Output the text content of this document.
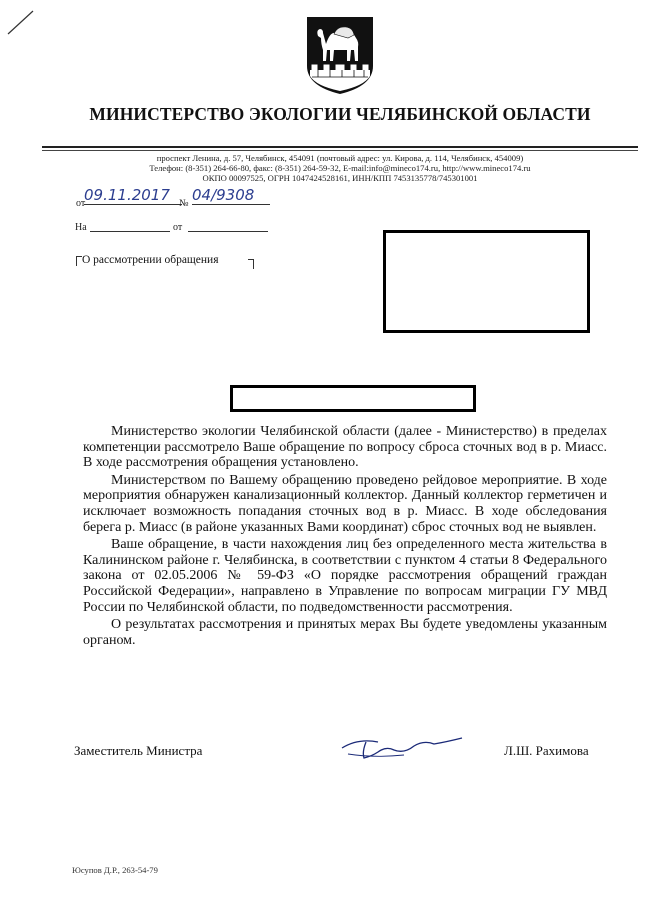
МИНИСТЕРСТВО ЭКОЛОГИИ ЧЕЛЯБИНСКОЙ ОБЛАСТИ
проспект Ленина, д. 57, Челябинск, 454091 (почтовый адрес: ул. Кирова, д. 114, Челябинск, 454009)
Телефон: (8-351) 264-66-80, факс: (8-351) 264-59-32, E-mail:info@mineco174.ru, http://www.mineco174.ru
ОКПО 00097525, ОГРН 1047424528161, ИНН/КПП 7453135778/745301001
от
09.11.2017 № 04/9308
На	от
О рассмотрении обращения

Министерство экологии Челябинской области (далее - Министерство) в пределах компетенции рассмотрело Ваше обращение по вопросу сброса сточных вод в р. Миасс. В ходе рассмотрения обращения установлено.

Министерством по Вашему обращению проведено рейдовое мероприятие. В ходе мероприятия обнаружен канализационный коллектор. Данный коллектор герметичен и исключает возможность попадания сточных вод в р. Миасс. В ходе обследования берега р. Миасс (в районе указанных Вами координат) сброс сточных вод не выявлен.

Ваше обращение, в части нахождения лиц без определенного места жительства в Калининском районе г. Челябинска, в соответствии с пунктом 4 статьи 8 Федерального закона от 02.05.2006 № 59-ФЗ «О порядке рассмотрения обращений граждан Российской Федерации», направлено в Управление по вопросам миграции ГУ МВД России по Челябинской области, по подведомственности рассмотрения.

О результатах рассмотрения и принятых мерах Вы будете уведомлены указанным органом.

Заместитель Министра	Л.Ш. Рахимова
Юсупов Д.Р., 263-54-79
